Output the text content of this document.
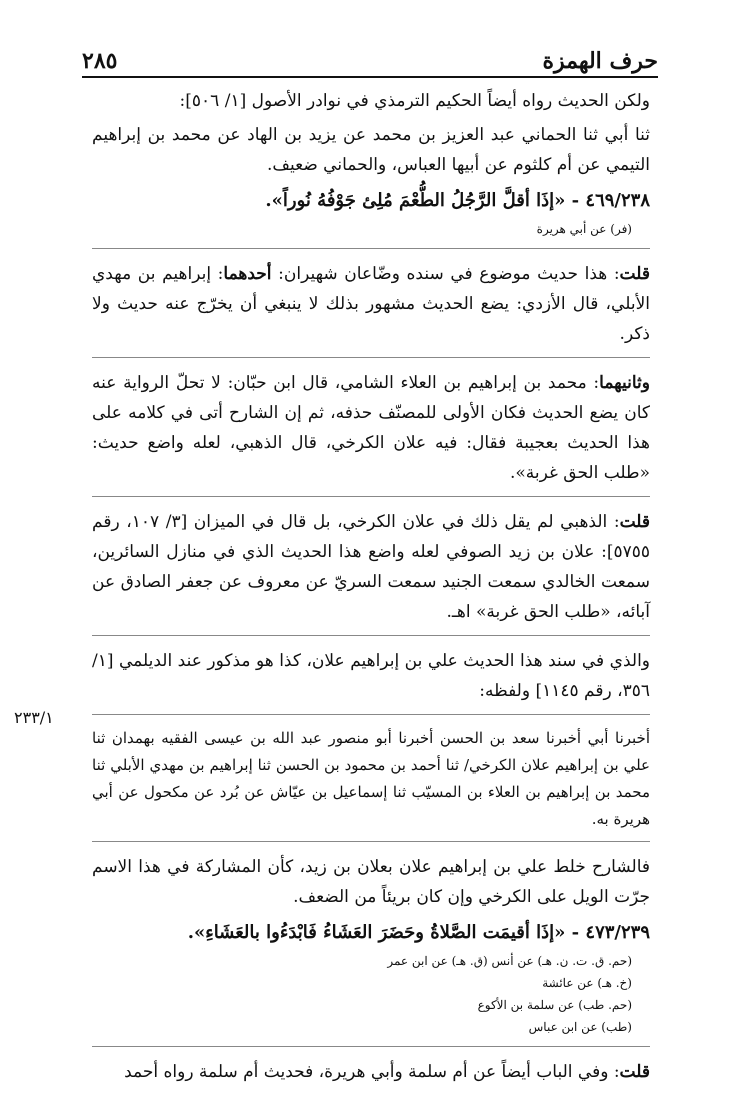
حرف الهمزة
٢٨٥

ولكن الحديث رواه أيضاً الحكيم الترمذي في نوادر الأصول [١/ ٥٠٦]:

ثنا أبي ثنا الحماني عبد العزيز بن محمد عن يزيد بن الهاد عن محمد بن إبراهيم التيمي عن أم كلثوم عن أبيها العباس، والحماني ضعيف.

٤٦٩/٢٣٨ - «إذَا أقلَّ الرَّجُلُ الطُّعْمَ مُلِئ جَوْفُهُ نُوراً».

(فر) عن أبي هريرة

قلت: هذا حديث موضوع في سنده وضّاعان شهيران: أحدهما: إبراهيم بن مهدي الأبلي، قال الأزدي: يضع الحديث مشهور بذلك لا ينبغي أن يخرّج عنه حديث ولا ذكر.

وثانيهما: محمد بن إبراهيم بن العلاء الشامي، قال ابن حبّان: لا تحلّ الرواية عنه كان يضع الحديث فكان الأولى للمصنّف حذفه، ثم إن الشارح أتى في كلامه على هذا الحديث بعجيبة فقال: فيه علان الكرخي، قال الذهبي، لعله واضع حديث: «طلب الحق غربة».

قلت: الذهبي لم يقل ذلك في علان الكرخي، بل قال في الميزان [٣/ ١٠٧، رقم ٥٧٥٥]: علان بن زيد الصوفي لعله واضع هذا الحديث الذي في منازل السائرين، سمعت الخالدي سمعت الجنيد سمعت السريّ عن معروف عن جعفر الصادق عن آبائه، «طلب الحق غربة» اهـ.

والذي في سند هذا الحديث علي بن إبراهيم علان، كذا هو مذكور عند الديلمي [١/ ٣٥٦، رقم ١١٤٥] ولفظه:

أخبرنا أبي أخبرنا سعد بن الحسن أخبرنا أبو منصور عبد الله بن عيسى الفقيه بهمدان ثنا علي بن إبراهيم علان الكرخي/ ثنا أحمد بن محمود بن الحسن ثنا إبراهيم بن مهدي الأبلي ثنا محمد بن إبراهيم بن العلاء بن المسيّب ثنا إسماعيل بن عيّاش عن بُرد عن مكحول عن أبي هريرة به.

فالشارح خلط علي بن إبراهيم علان بعلان بن زيد، كأن المشاركة في هذا الاسم جرّت الويل على الكرخي وإن كان بريئاً من الضعف.

٤٧٣/٢٣٩ - «إذَا أقيمَت الصَّلاةُ وحَضَرَ العَشَاءُ فَابْدَءُوا بالعَشَاءِ».

(حم. ق. ت. ن. هـ) عن أنس (ق. هـ) عن ابن عمر

(خ. هـ) عن عائشة

(حم. طب) عن سلمة بن الأكوع

(طب) عن ابن عباس

قلت: وفي الباب أيضاً عن أم سلمة وأبي هريرة، فحديث أم سلمة رواه أحمد

٢٣٣/١
